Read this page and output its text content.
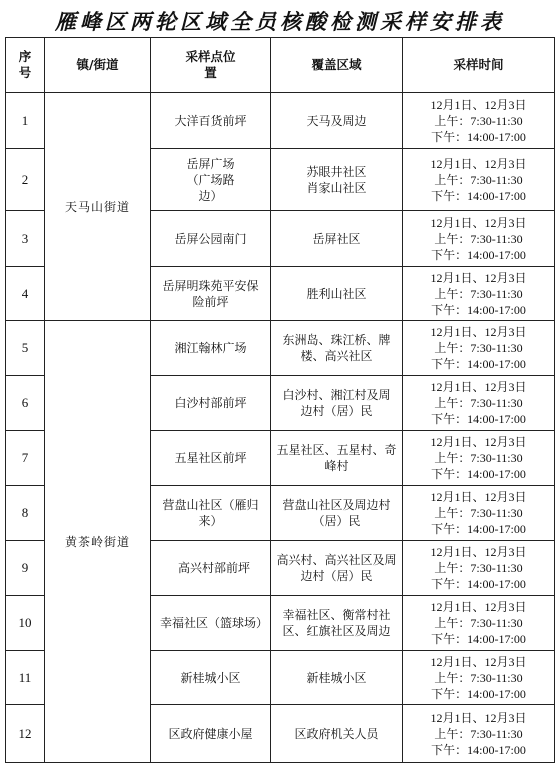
雁峰区两轮区域全员核酸检测采样安排表
序号	镇/街道	采样点位置	覆盖区域	采样时间
1	天马山街道	大洋百货前坪	天马及周边	12月1日、12月3日
上午：7:30-11:30
下午：14:00-17:00

2		岳屏广场（广场路边）	苏眼井社区肖家山社区	12月1日、12月3日
上午：7:30-11:30
下午：14:00-17:00

3		岳屏公园南门	岳屏社区	12月1日、12月3日
上午：7:30-11:30
下午：14:00-17:00

4		岳屏明珠苑平安保险前坪	胜利山社区	12月1日、12月3日
上午：7:30-11:30
下午：14:00-17:00

5	黄茶岭街道	湘江翰林广场	东洲岛、珠江桥、牌楼、高兴社区	12月1日、12月3日
上午：7:30-11:30
下午：14:00-17:00

6		白沙村部前坪	白沙村、湘江村及周边村（居）民	12月1日、12月3日
上午：7:30-11:30
下午：14:00-17:00

7		五星社区前坪	五星社区、五星村、奇峰村	12月1日、12月3日
上午：7:30-11:30
下午：14:00-17:00

8		营盘山社区（雁归来）	营盘山社区及周边村（居）民	12月1日、12月3日
上午：7:30-11:30
下午：14:00-17:00

9		高兴村部前坪	高兴村、高兴社区及周边村（居）民	12月1日、12月3日
上午：7:30-11:30
下午：14:00-17:00

10		幸福社区（篮球场）	幸福社区、衡常村社区、红旗社区及周边	12月1日、12月3日
上午：7:30-11:30
下午：14:00-17:00

11		新桂城小区	新桂城小区	12月1日、12月3日
上午：7:30-11:30
下午：14:00-17:00

12		区政府健康小屋	区政府机关人员	12月1日、12月3日
上午：7:30-11:30
下午：14:00-17:00
